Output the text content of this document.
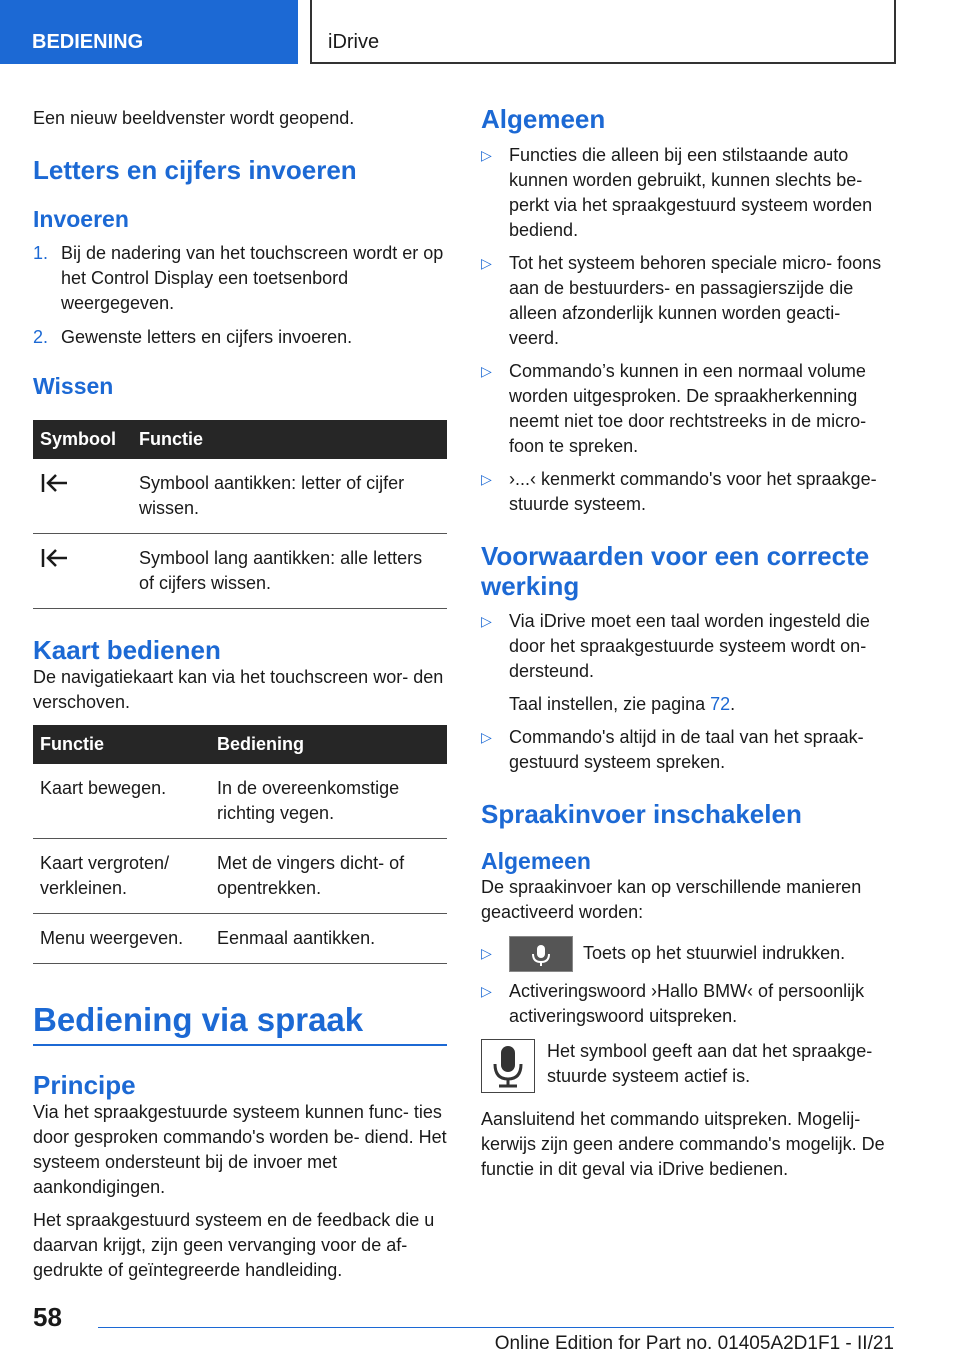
BEDIENING	iDrive

Een nieuw beeldvenster wordt geopend.

Letters en cijfers invoeren
Invoeren
1. Bij de nadering van het touchscreen wordt er op het Control Display een toetsenbord weergegeven.
2. Gewenste letters en cijfers invoeren.
Wissen
Symbool	Functie
	Symbool aantikken: letter of cijfer wissen.
	Symbool lang aantikken: alle letters of cijfers wissen.
Kaart bedienen

De navigatiekaart kan via het touchscreen wor‐ den verschoven.

Functie	Bediening
Kaart bewegen.	In de overeenkomstige richting vegen.
Kaart vergroten/ verkleinen.	Met de vingers dicht- of opentrekken.
Menu weergeven.	Eenmaal aantikken.
Bediening via spraak
Principe

Via het spraakgestuurde systeem kunnen func‐ ties door gesproken commando's worden be‐ diend. Het systeem ondersteunt bij de invoer met aankondigingen.

Het spraakgestuurd systeem en de feedback die u daarvan krijgt, zijn geen vervanging voor de af‐ gedrukte of geïntegreerde handleiding.

Algemeen
▷ Functies die alleen bij een stilstaande auto kunnen worden gebruikt, kunnen slechts be‐ perkt via het spraakgestuurd systeem worden bediend.
▷ Tot het systeem behoren speciale micro‐ foons aan de bestuurders- en passagierszijde die alleen afzonderlijk kunnen worden geacti‐ veerd.
▷ Commando’s kunnen in een normaal volume worden uitgesproken. De spraakherkenning neemt niet toe door rechtstreeks in de micro‐ foon te spreken.
▷ ›...‹ kenmerkt commando's voor het spraakge‐ stuurde systeem.
Voorwaarden voor een correcte werking
▷ Via iDrive moet een taal worden ingesteld die door het spraakgestuurde systeem wordt on‐ dersteund.

Taal instellen, zie pagina 72.

▷ Commando's altijd in de taal van het spraak‐ gestuurd systeem spreken.
Spraakinvoer inschakelen
Algemeen

De spraakinvoer kan op verschillende manieren geactiveerd worden:

▷	Toets op het stuurwiel indrukken.
▷ Activeringswoord ›Hallo BMW‹ of persoonlijk activeringswoord uitspreken.

Het symbool geeft aan dat het spraakge‐ stuurde systeem actief is.

Aansluitend het commando uitspreken. Mogelij‐ kerwijs zijn geen andere commando's mogelijk. De functie in dit geval via iDrive bedienen.

58
Online Edition for Part no. 01405A2D1F1 - II/21
